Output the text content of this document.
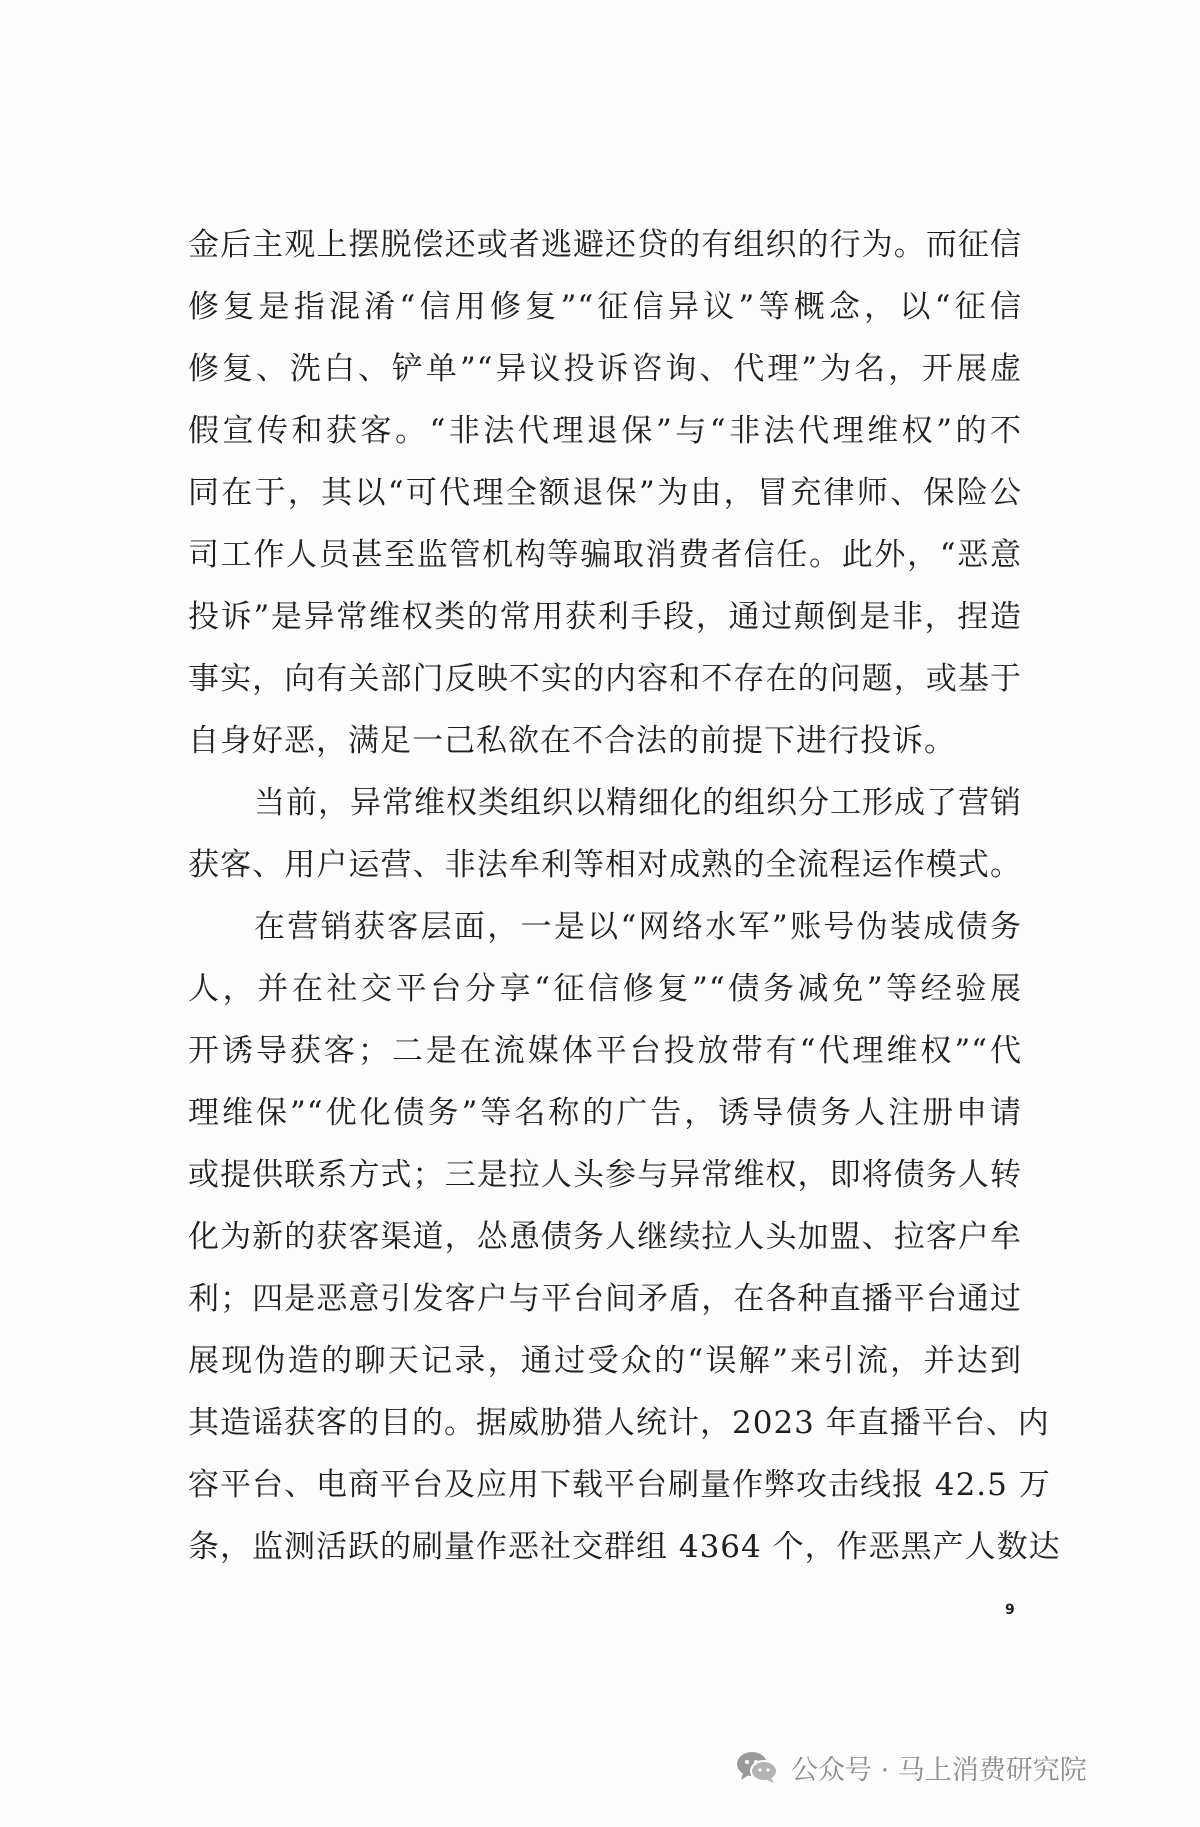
金后主观上摆脱偿还或者逃避还贷的有组织的行为。而征信
修复是指混淆“信用修复”“征信异议”等概念，以“征信
修复、洗白、铲单”“异议投诉咨询、代理”为名，开展虚
假宣传和获客。“非法代理退保”与“非法代理维权”的不
同在于，其以“可代理全额退保”为由，冒充律师、保险公
司工作人员甚至监管机构等骗取消费者信任。此外，“恶意
投诉”是异常维权类的常用获利手段，通过颠倒是非，捏造
事实，向有关部门反映不实的内容和不存在的问题，或基于
自身好恶，满足一己私欲在不合法的前提下进行投诉。
当前，异常维权类组织以精细化的组织分工形成了营销
获客、用户运营、非法牟利等相对成熟的全流程运作模式。
在营销获客层面，一是以“网络水军”账号伪装成债务
人，并在社交平台分享“征信修复”“债务减免”等经验展
开诱导获客；二是在流媒体平台投放带有“代理维权”“代
理维保”“优化债务”等名称的广告，诱导债务人注册申请
或提供联系方式；三是拉人头参与异常维权，即将债务人转
化为新的获客渠道，怂恿债务人继续拉人头加盟、拉客户牟
利；四是恶意引发客户与平台间矛盾，在各种直播平台通过
展现伪造的聊天记录，通过受众的“误解”来引流，并达到
其造谣获客的目的。据威胁猎人统计，2023 年直播平台、内
容平台、电商平台及应用下载平台刷量作弊攻击线报 42.5 万
条，监测活跃的刷量作恶社交群组 4364 个，作恶黑产人数达
9
公众号 · 马上消费研究院
